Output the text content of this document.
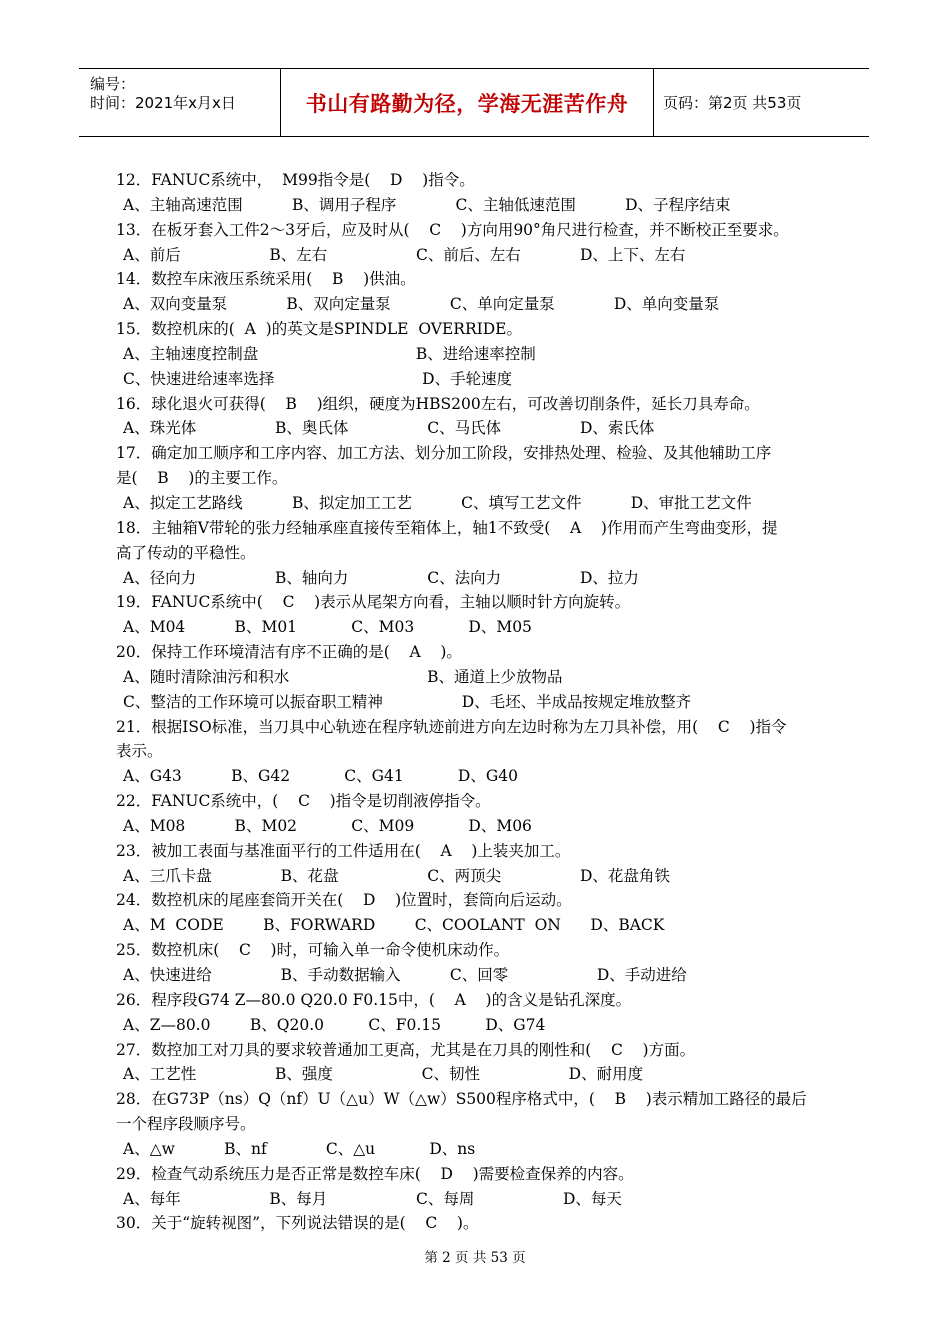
编号：
时间：2021年x月x日	书山有路勤为径，学海无涯苦作舟 页码：第2页 共53页
12．FANUC系统中，  M99指令是(    D    )指令。
A、主轴高速范围          B、调用子程序            C、主轴低速范围          D、子程序结束
13．在板牙套入工件2～3牙后，应及时从(    C    )方向用90°角尺进行检查，并不断校正至要求。
A、前后                  B、左右                  C、前后、左右            D、上下、左右
14．数控车床液压系统采用(    B    )供油。
A、双向变量泵            B、双向定量泵            C、单向定量泵            D、单向变量泵
15．数控机床的(  A  )的英文是SPINDLE  OVERRIDE。
A、主轴速度控制盘                                B、进给速率控制
C、快速进给速率选择                              D、手轮速度
16．球化退火可获得(    B    )组织，硬度为HBS200左右，可改善切削条件，延长刀具寿命。
A、珠光体                B、奥氏体                C、马氏体                D、索氏体
17．确定加工顺序和工序内容、加工方法、划分加工阶段，安排热处理、检验、及其他辅助工序
是(    B    )的主要工作。
A、拟定工艺路线          B、拟定加工工艺          C、填写工艺文件          D、审批工艺文件
18．主轴箱V带轮的张力经轴承座直接传至箱体上，轴1不致受(    A    )作用而产生弯曲变形，提
高了传动的平稳性。
A、径向力                B、轴向力                C、法向力                D、拉力
19．FANUC系统中(    C    )表示从尾架方向看，主轴以顺时针方向旋转。
A、M04          B、M01           C、M03           D、M05
20．保持工作环境清洁有序不正确的是(    A    )。
A、随时清除油污和积水                            B、通道上少放物品
C、整洁的工作环境可以振奋职工精神                D、毛坯、半成品按规定堆放整齐
21．根据ISO标准，当刀具中心轨迹在程序轨迹前进方向左边时称为左刀具补偿，用(    C    )指令
表示。
A、G43          B、G42           C、G41           D、G40
22．FANUC系统中，(    C    )指令是切削液停指令。
A、M08          B、M02           C、M09           D、M06
23．被加工表面与基准面平行的工件适用在(    A    )上装夹加工。
A、三爪卡盘              B、花盘                  C、两顶尖                D、花盘角铁
24．数控机床的尾座套筒开关在(    D    )位置时，套筒向后运动。
A、M  CODE        B、FORWARD        C、COOLANT  ON      D、BACK
25．数控机床(    C    )时，可输入单一命令使机床动作。
A、快速进给              B、手动数据输入          C、回零                  D、手动进给
26．程序段G74 Z—80.0 Q20.0 F0.15中，(    A    )的含义是钻孔深度。
A、Z—80.0        B、Q20.0         C、F0.15         D、G74
27．数控加工对刀具的要求较普通加工更高，尤其是在刀具的刚性和(    C    )方面。
A、工艺性                B、强度                  C、韧性                  D、耐用度
28．在G73P（ns）Q（nf）U（△u）W（△w）S500程序格式中，(    B    )表示精加工路径的最后
一个程序段顺序号。
A、△w          B、nf            C、△u           D、ns
29．检查气动系统压力是否正常是数控车床(    D    )需要检查保养的内容。
A、每年                  B、每月                  C、每周                  D、每天
30．关于“旋转视图”，下列说法错误的是(    C    )。
第 2 页 共 53 页
